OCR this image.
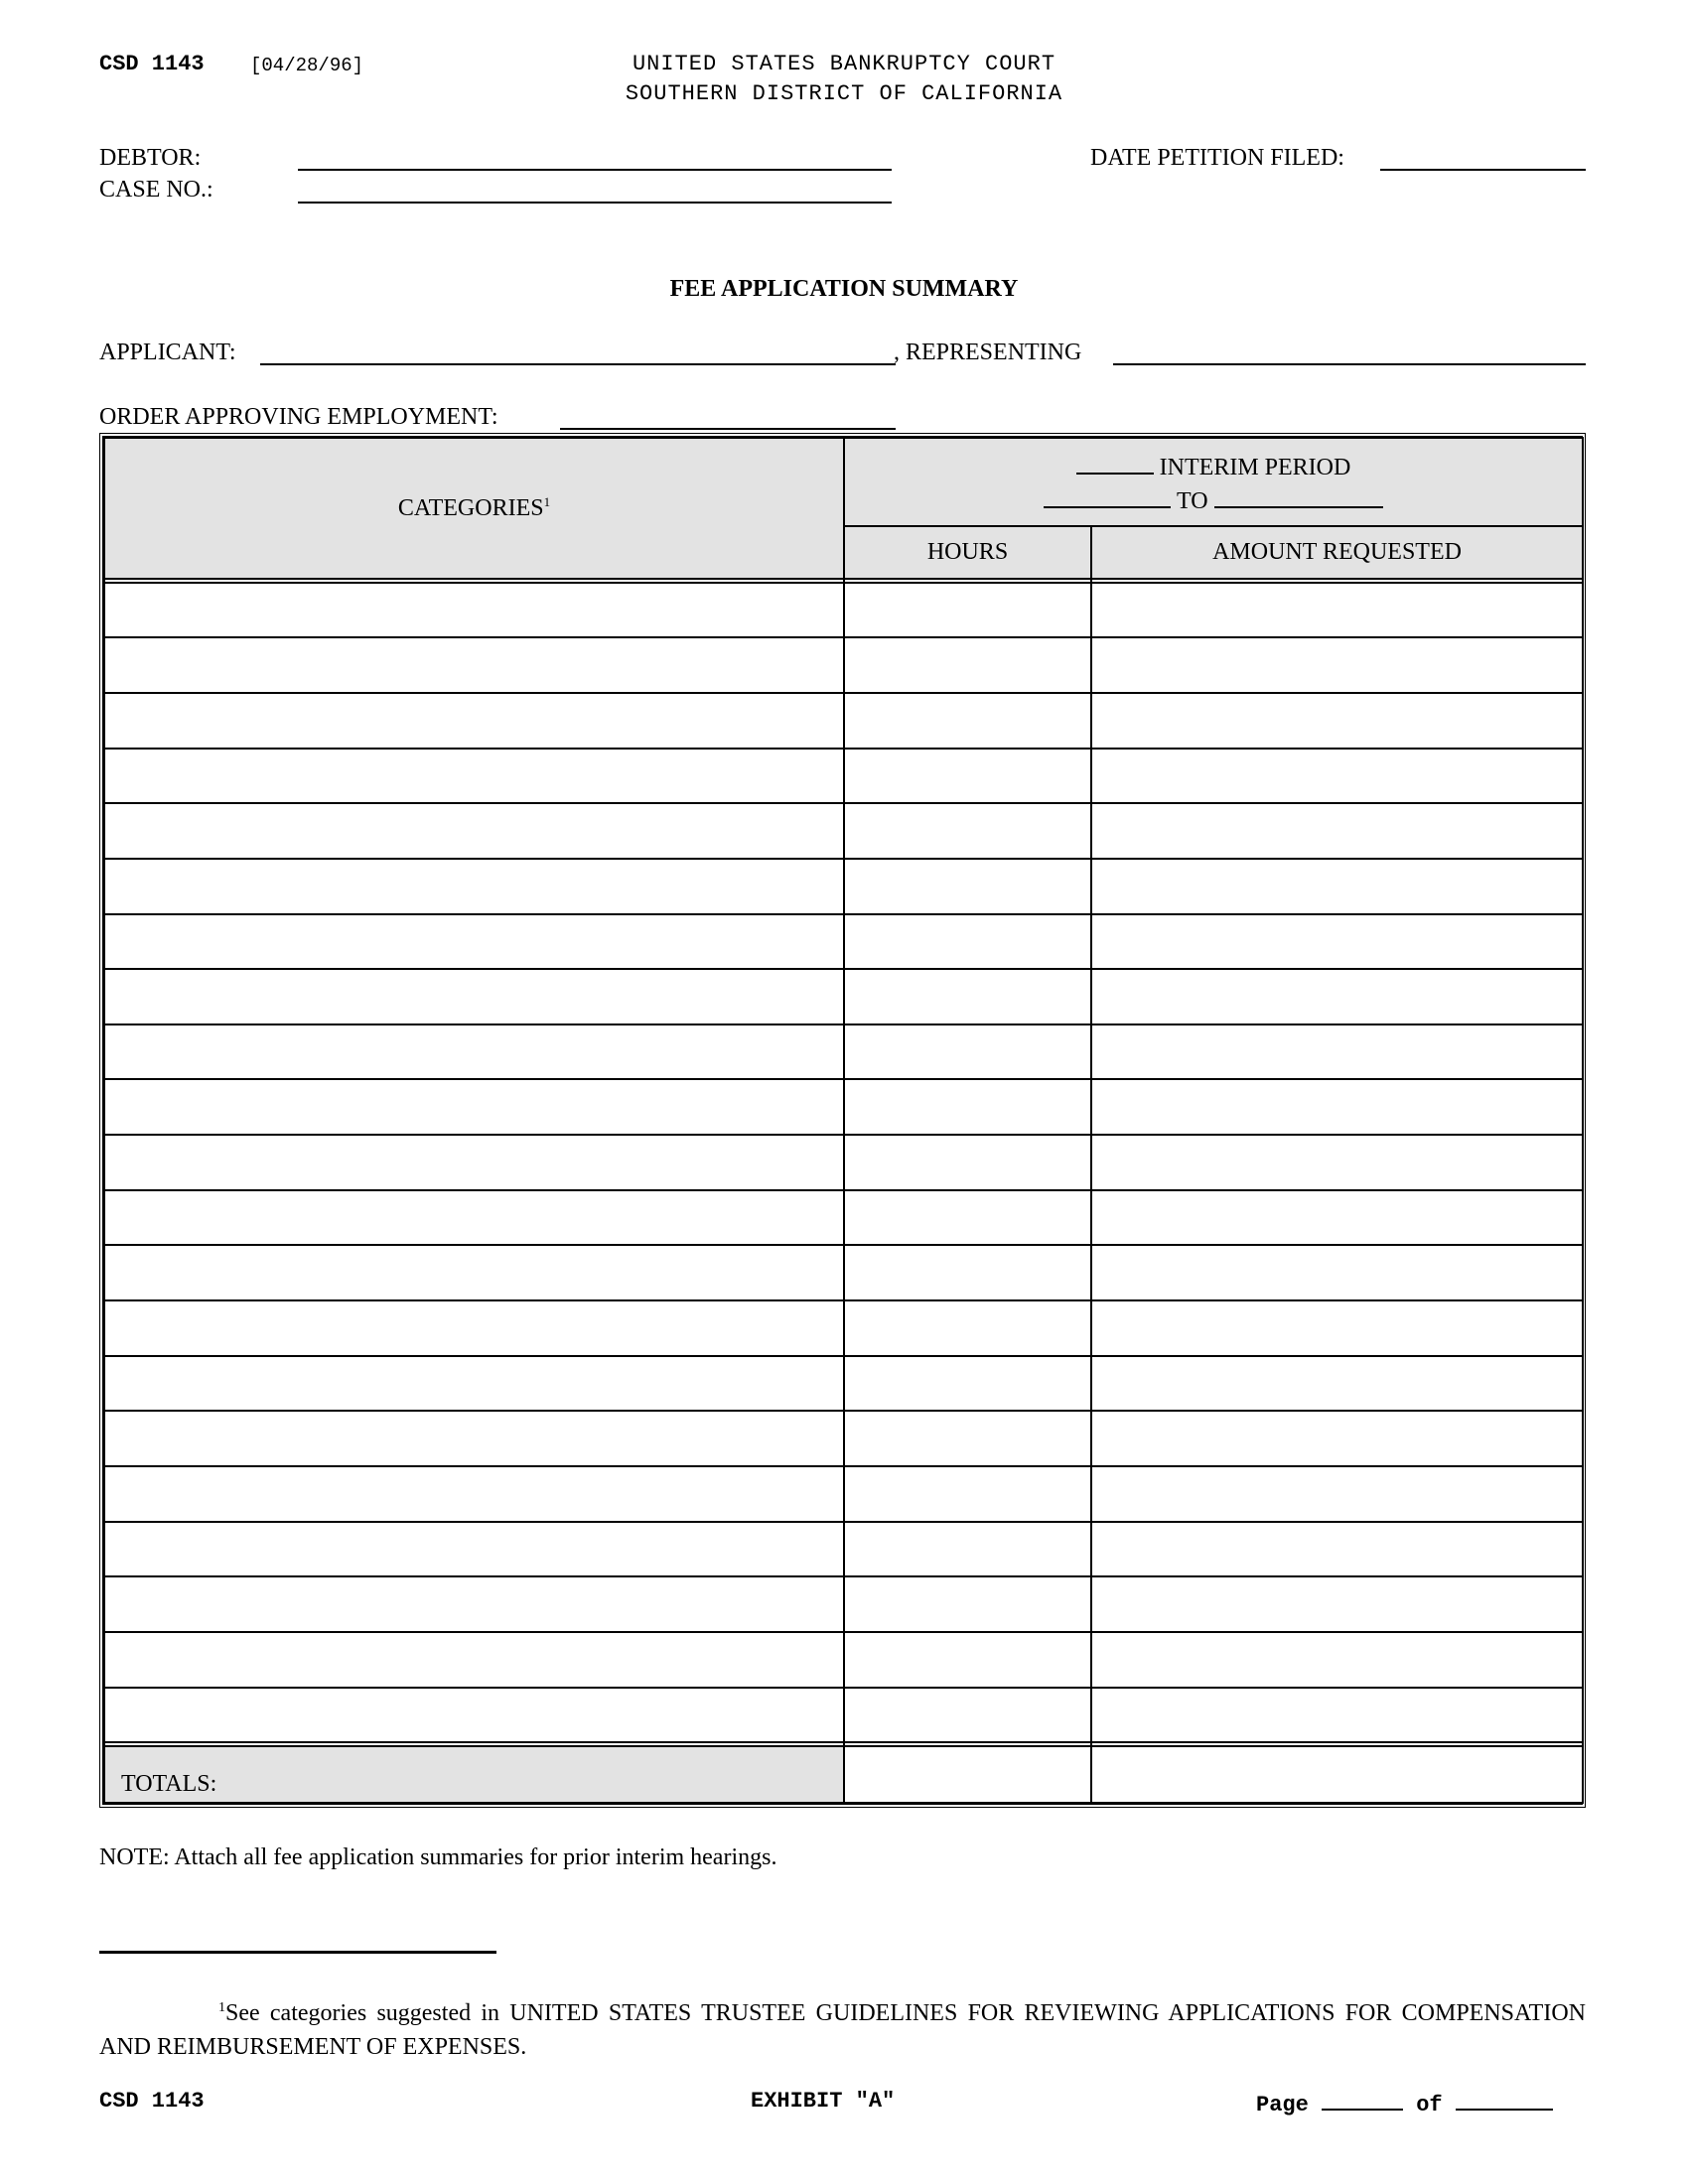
CSD 1143 [04/28/96]	UNITED STATES BANKRUPTCY COURT
SOUTHERN DISTRICT OF CALIFORNIA
DEBTOR:
CASE NO.:
DATE PETITION FILED:
FEE APPLICATION SUMMARY
APPLICANT:	, REPRESENTING
ORDER APPROVING EMPLOYMENT:
CATEGORIES$^1$	INTERIM PERIOD
TO	

	HOURS	AMOUNT REQUESTED

TOTALS:		
NOTE: Attach all fee application summaries for prior interim hearings.
$^1$See categories suggested in UNITED STATES TRUSTEE GUIDELINES FOR REVIEWING APPLICATIONS FOR COMPENSATION AND REIMBURSEMENT OF EXPENSES.
CSD 1143	EXHIBIT "A"	Page	of
